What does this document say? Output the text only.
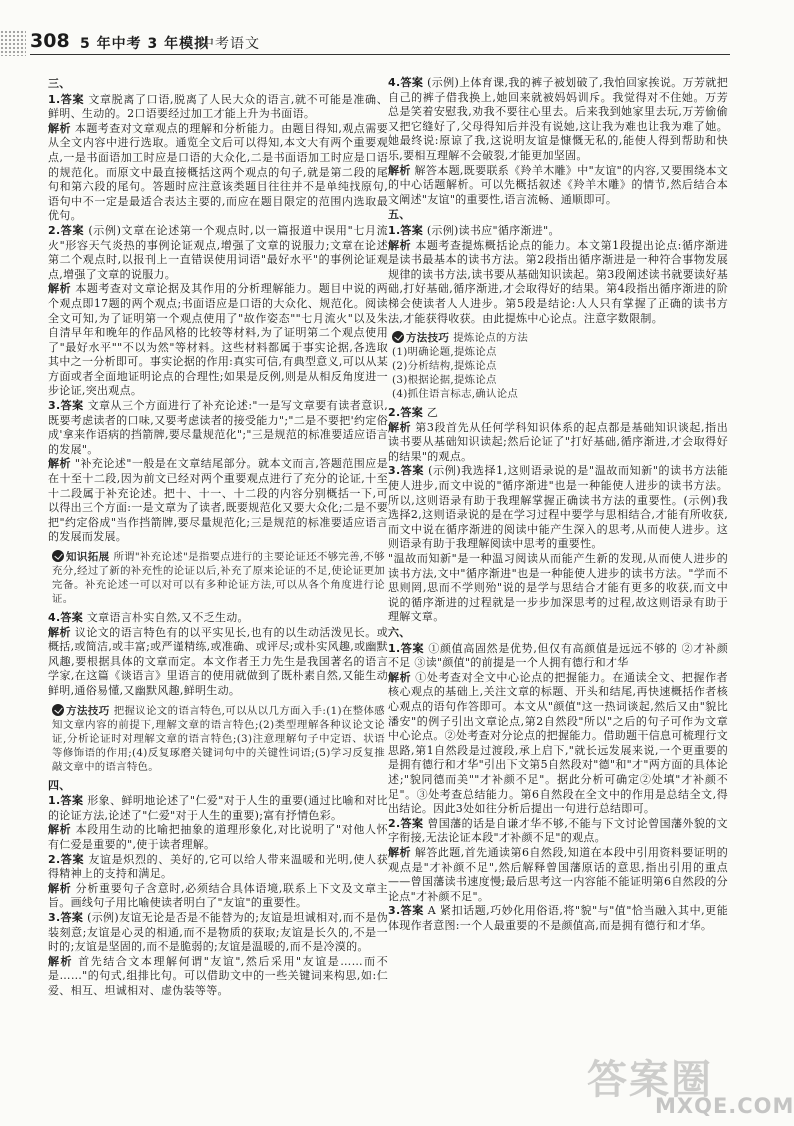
308 5 年中考 3 年模拟
中考语文
三、

1.答案 文章脱离了口语,脱离了人民大众的语言,就不可能是准确、鲜明、生动的。2口语要经过加工才能上升为书面语。

解析 本题考查对文章观点的理解和分析能力。由题目得知,观点需要从全文内容中进行选取。通览全文后可以得知,本文大有两个重要观点,一是书面语加工时应是口语的大众化,二是书面语加工时应是口语的规范化。而原文中最直接概括这两个观点的句子,就是第二段的尾句和第六段的尾句。答题时应注意该类题目往往并不是单纯找原句,语句中不一定是最适合表达主要的,而应在题目限定的范围内选取最优句。

2.答案 (示例)文章在论述第一个观点时,以一篇报道中误用"七月流火"形容天气炎热的事例论证观点,增强了文章的说服力;文章在论述第二个观点时,以报刊上一直错误使用词语"最好水平"的事例论证观点,增强了文章的说服力。

解析 本题考查对文章论据及其作用的分析理解能力。题目中说的两个观点即17题的两个观点;书面语应是口语的大众化、规范化。阅读全文可知,为了证明第一个观点使用了"故作姿态""七月流火"以及朱自清早年和晚年的作品风格的比较等材料,为了证明第二个观点使用了"最好水平""不以为然"等材料。这些材料都属于事实论据,各选取其中之一分析即可。事实论据的作用:真实可信,有典型意义,可以从某方面或者全面地证明论点的合理性;如果是反例,则是从相反角度进一步论证,突出观点。

3.答案 文章从三个方面进行了补充论述:"一是写文章要有读者意识,既要考虑读者的口味,又要考虑读者的接受能力";"二是不要把'约定俗成'拿来作语病的挡箭牌,要尽量规范化";"三是规范的标准要适应语言的发展"。

解析 "补充论述"一般是在文章结尾部分。就本文而言,答题范围应是在十至十二段,因为前文已经对两个重要观点进行了充分的论证,十至十二段属于补充论述。把十、十一、十二段的内容分别概括一下,可以得出三个方面:一是文章为了读者,既要规范化又要大众化;二是不要把"约定俗成"当作挡箭牌,要尽量规范化;三是规范的标准要适应语言的发展而发展。

知识拓展 所谓"补充论述"是指要点进行的主要论证还不够完善,不够充分,经过了新的补充性的论证以后,补充了原来论证的不足,使论证更加完备。补充论述一可以对可以有多种论证方法,可以从各个角度进行论证。

4.答案 文章语言朴实自然,又不乏生动。

解析 议论文的语言特色有的以平实见长,也有的以生动活泼见长。或概括,或简洁,或丰富;或严谨精练,或准确、或评尽;或朴实风趣,或幽默风趣,要根据具体的文章而定。本文作者王力先生是我国著名的语言学家,在这篇《谈语言》里语言的使用就做到了既朴素自然,又能生动鲜明,通俗易懂,又幽默风趣,鲜明生动。

方法技巧 把握议论文的语言特色,可以从以几方面入手:(1)在整体感知文章内容的前提下,理解文章的语言特色;(2)类型理解各种议论文论证,分析论证时对理解文章的语言特色;(3)注意理解句子中定语、状语等修饰语的作用;(4)反复琢磨关键词句中的关键性词语;(5)学习反复推敲文章中的语言特色。

四、

1.答案 形象、鲜明地论述了"仁爱"对于人生的重要(通过比喻和对比的论证方法,论述了"仁爱"对于人生的重要);富有抒情色彩。

解析 本段用生动的比喻把抽象的道理形象化,对比说明了"对他人怀有仁爱是重要的",使于读者理解。

2.答案 友谊是炽烈的、美好的,它可以给人带来温暖和光明,使人获得精神上的支持和满足。

解析 分析重要句子含意时,必须结合具体语境,联系上下文及文章主旨。画线句子用比喻使读者明白了"友谊"的重要性。

3.答案 (示例)友谊无论是否是不能替为的;友谊是坦诚相对,而不是伪装刻意;友谊是心灵的相通,而不是物质的获取;友谊是长久的,不是一时的;友谊是坚固的,而不是脆弱的;友谊是温暖的,而不是冷漠的。

解析 首先结合文本理解何谓"友谊",然后采用"友谊是……而不是……"的句式,组排比句。可以借助文中的一些关键词来构思,如:仁爱、相互、坦诚相对、虚伪装等等。

4.答案 (示例)上体育课,我的裤子被划破了,我怕回家挨说。万芳就把自己的裤子借我换上,她回来就被妈妈训斥。我觉得对不住她。万芳总是笑着安慰我,劝我不要往心里去。后来我到她家里去玩,万芳偷偷又把它缝好了,父母得知后并没有说她,这让我为难也让我为难了她。她最终说:原谅了我,这说明友谊是慷慨无私的,能使人得到帮助和快乐,要相互理解不会破裂,才能更加坚固。

解析 解答本题,既要联系《羚羊木雕》中"友谊"的内容,又要围绕本文的中心话题解析。可以先概括叙述《羚羊木雕》的情节,然后结合本文阐述"友谊"的重要性,语言流畅、通顺即可。

五、

1.答案 (示例)读书应"循序渐进"。

解析 本题考查提炼概括论点的能力。本文第1段提出论点:循序渐进是读书最基本的读书方法。第2段指出循序渐进是一种符合事物发展规律的读书方法,读书要从基础知识读起。第3段阐述读书就要读好基础,打好基础,循序渐进,才会取得好的结果。第4段指出循序渐进的阶梯会使读者人人进步。第5段是结论:人人只有掌握了正确的读书方法,才能获得收获。由此提炼中心论点。注意字数限制。

方法技巧 提炼论点的方法

(1)明确论题,提炼论点

(2)分析结构,提炼论点

(3)根据论据,提炼论点

(4)抓住语言标志,确认论点

2.答案 乙

解析 第3段首先从任何学科知识体系的起点都是基础知识谈起,指出读书要从基础知识读起;然后论证了"打好基础,循序渐进,才会取得好的结果"的观点。

3.答案 (示例)我选择1,这则语录说的是"温故而知新"的读书方法能使人进步,而文中说的"循序渐进"也是一种能使人进步的读书方法。所以,这则语录有助于我理解掌握正确读书方法的重要性。(示例)我选择2,这则语录说的是在学习过程中要学与思相结合,才能有所收获,而文中说在循序渐进的阅读中能产生深入的思考,从而使人进步。这则语录有助于我理解阅读中思考的重要性。

"温故而知新"是一种温习阅读从而能产生新的发现,从而使人进步的读书方法,文中"循序渐进"也是一种能使人进步的读书方法。"学而不思则罔,思而不学则殆"说的是学与思结合才能有更多的收获,而文中说的循序渐进的过程就是一步步加深思考的过程,故这则语录有助于理解文章。

六、

1.答案 ①颜值高固然是优势,但仅有高颜值是远远不够的 ②才补颜不足 ③读"颜值"的前提是一个人拥有德行和才华

解析 ①处考查对全文中心论点的把握能力。在通读全文、把握作者核心观点的基础上,关注文章的标题、开头和结尾,再快速概括作者核心观点的语句作答即可。本文从"颜值"这一热词谈起,然后又由"貌比潘安"的例子引出文章论点,第2自然段"所以"之后的句子可作为文章中心论点。②处考查对分论点的把握能力。借助题干信息可梳理行文思路,第1自然段是过渡段,承上启下,"就长远发展来说,一个更重要的是拥有德行和才华"引出下文第5自然段对"德"和"才"两方面的具体论述;"貌同德而美""才补颜不足"。据此分析可确定②处填"才补颜不足"。③处考查总结能力。第6自然段在全文中的作用是总结全文,得出结论。因此3处如往分析后提出一句进行总结即可。

2.答案 曾国藩的话是自谦才华不够,不能与下文讨论曾国藩外貌的文字衔接,无法论证本段"才补颜不足"的观点。

解析 解答此题,首先通读第6自然段,知道在本段中引用资料要证明的观点是"才补颜不足",然后解释曾国藩原话的意思,指出引用的重点——曾国藩读书速度慢;最后思考这一内容能不能证明第6自然段的分论点"才补颜不足"。

3.答案 A 紧扣话题,巧妙化用俗语,将"貌"与"值"恰当融入其中,更能体现作者意图:一个人最重要的不是颜值高,而是拥有德行和才华。

答案圈
MXQE.COM
